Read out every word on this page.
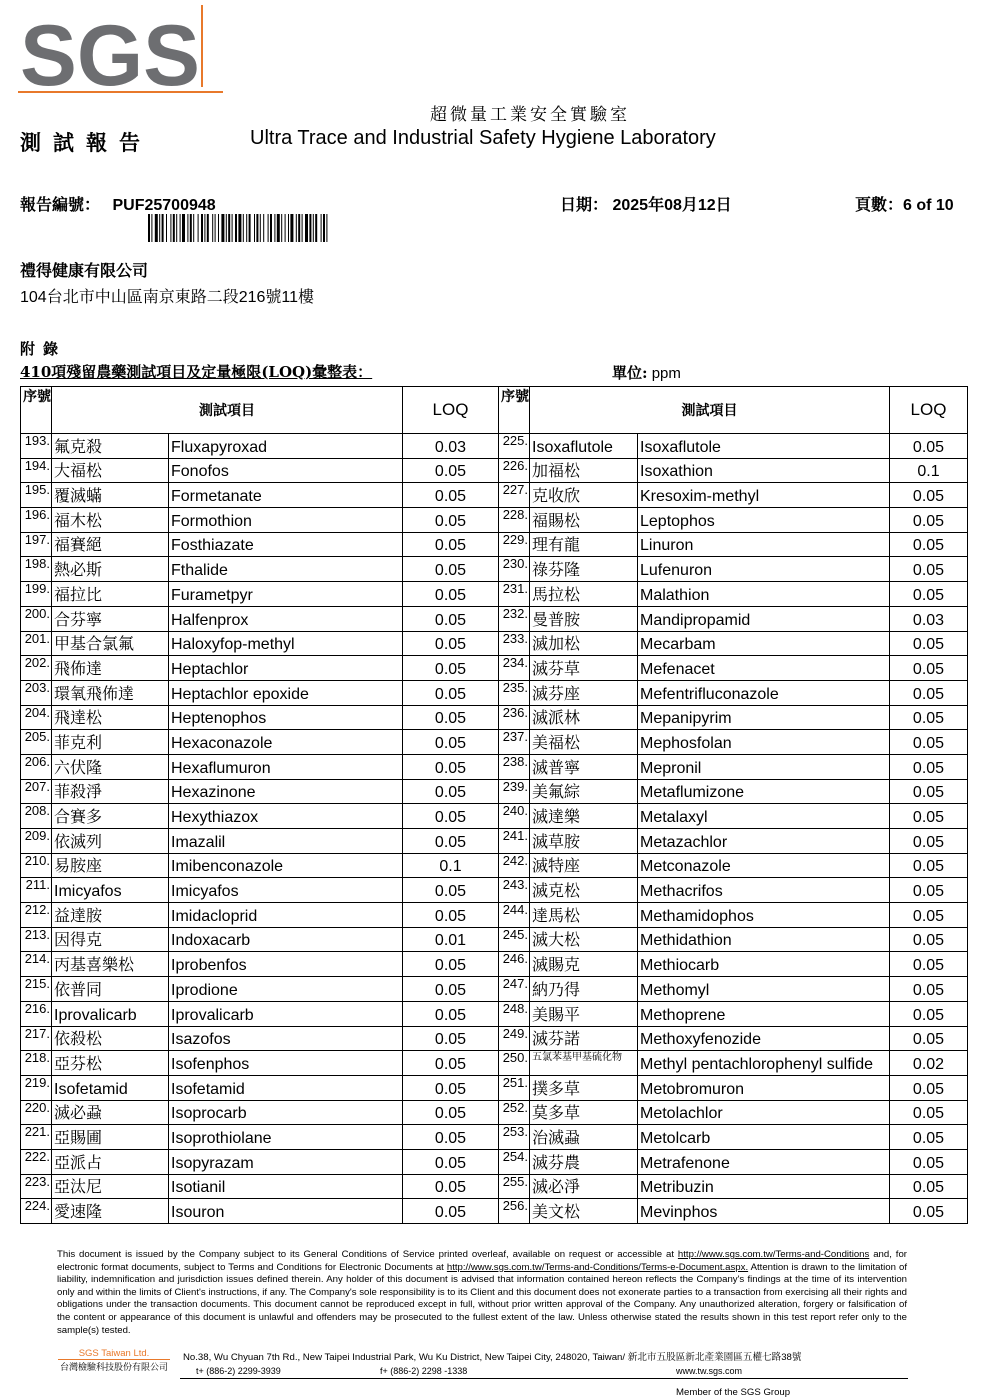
SGS
超微量工業安全實驗室
測試報告	Ultra Trace and Industrial Safety Hygiene Laboratory
報告編號： PUF25700948	日期： 2025年08月12日	頁數：6 of 10
禮得健康有限公司
104台北市中山區南京東路二段216號11樓
附錄
410項殘留農藥測試項目及定量極限(LOQ)彙整表：	單位: ppm
序號	測試項目		LOQ	序號	測試項目		LOQ
193.	氟克殺	Fluxapyroxad	0.03	225.	Isoxaflutole	Isoxaflutole	0.05
194.	大福松	Fonofos	0.05	226.	加福松	Isoxathion	0.1
195.	覆滅蟎	Formetanate	0.05	227.	克收欣	Kresoxim-methyl	0.05
196.	福木松	Formothion	0.05	228.	福賜松	Leptophos	0.05
197.	福賽絕	Fosthiazate	0.05	229.	理有龍	Linuron	0.05
198.	熱必斯	Fthalide	0.05	230.	祿芬隆	Lufenuron	0.05
199.	福拉比	Furametpyr	0.05	231.	馬拉松	Malathion	0.05
200.	合芬寧	Halfenprox	0.05	232.	曼普胺	Mandipropamid	0.03
201.	甲基合氯氟	Haloxyfop-methyl	0.05	233.	滅加松	Mecarbam	0.05
202.	飛佈達	Heptachlor	0.05	234.	滅芬草	Mefenacet	0.05
203.	環氧飛佈達	Heptachlor epoxide	0.05	235.	滅芬座	Mefentrifluconazole	0.05
204.	飛達松	Heptenophos	0.05	236.	滅派林	Mepanipyrim	0.05
205.	菲克利	Hexaconazole	0.05	237.	美福松	Mephosfolan	0.05
206.	六伏隆	Hexaflumuron	0.05	238.	滅普寧	Mepronil	0.05
207.	菲殺淨	Hexazinone	0.05	239.	美氟綜	Metaflumizone	0.05
208.	合賽多	Hexythiazox	0.05	240.	滅達樂	Metalaxyl	0.05
209.	依滅列	Imazalil	0.05	241.	滅草胺	Metazachlor	0.05
210.	易胺座	Imibenconazole	0.1	242.	滅特座	Metconazole	0.05
211.	Imicyafos	Imicyafos	0.05	243.	滅克松	Methacrifos	0.05
212.	益達胺	Imidacloprid	0.05	244.	達馬松	Methamidophos	0.05
213.	因得克	Indoxacarb	0.01	245.	滅大松	Methidathion	0.05
214.	丙基喜樂松	Iprobenfos	0.05	246.	滅賜克	Methiocarb	0.05
215.	依普同	Iprodione	0.05	247.	納乃得	Methomyl	0.05
216.	Iprovalicarb	Iprovalicarb	0.05	248.	美賜平	Methoprene	0.05
217.	依殺松	Isazofos	0.05	249.	滅芬諾	Methoxyfenozide	0.05
218.	亞芬松	Isofenphos	0.05	250.	五氯苯基甲基硫化物	Methyl pentachlorophenyl sulfide	0.02
219.	Isofetamid	Isofetamid	0.05	251.	撲多草	Metobromuron	0.05
220.	滅必蝨	Isoprocarb	0.05	252.	莫多草	Metolachlor	0.05
221.	亞賜圃	Isoprothiolane	0.05	253.	治滅蝨	Metolcarb	0.05
222.	亞派占	Isopyrazam	0.05	254.	滅芬農	Metrafenone	0.05
223.	亞汰尼	Isotianil	0.05	255.	滅必淨	Metribuzin	0.05
224.	愛速隆	Isouron	0.05	256.	美文松	Mevinphos	0.05
This document is issued by the Company subject to its General Conditions of Service printed overleaf, available on request or accessible at http://www.sgs.com.tw/Terms-and-Conditions and, for electronic format documents, subject to Terms and Conditions for Electronic Documents at http://www.sgs.com.tw/Terms-and-Conditions/Terms-e-Document.aspx. Attention is drawn to the limitation of liability, indemnification and jurisdiction issues defined therein. Any holder of this document is advised that information contained hereon reflects the Company's findings at the time of its intervention only and within the limits of Client's instructions, if any. The Company's sole responsibility is to its Client and this document does not exonerate parties to a transaction from exercising all their rights and obligations under the transaction documents. This document cannot be reproduced except in full, without prior written approval of the Company. Any unauthorized alteration, forgery or falsification of the content or appearance of this document is unlawful and offenders may be prosecuted to the fullest extent of the law. Unless otherwise stated the results shown in this test report refer only to the sample(s) tested.
SGS Taiwan Ltd.
台灣檢驗科技股份有限公司
No.38, Wu Chyuan 7th Rd., New Taipei Industrial Park, Wu Ku District, New Taipei City, 248020, Taiwan/ 新北市五股區新北產業園區五權七路38號
t+ (886-2) 2299-3939	f+ (886-2) 2298 -1338	www.tw.sgs.com
Member of the SGS Group
